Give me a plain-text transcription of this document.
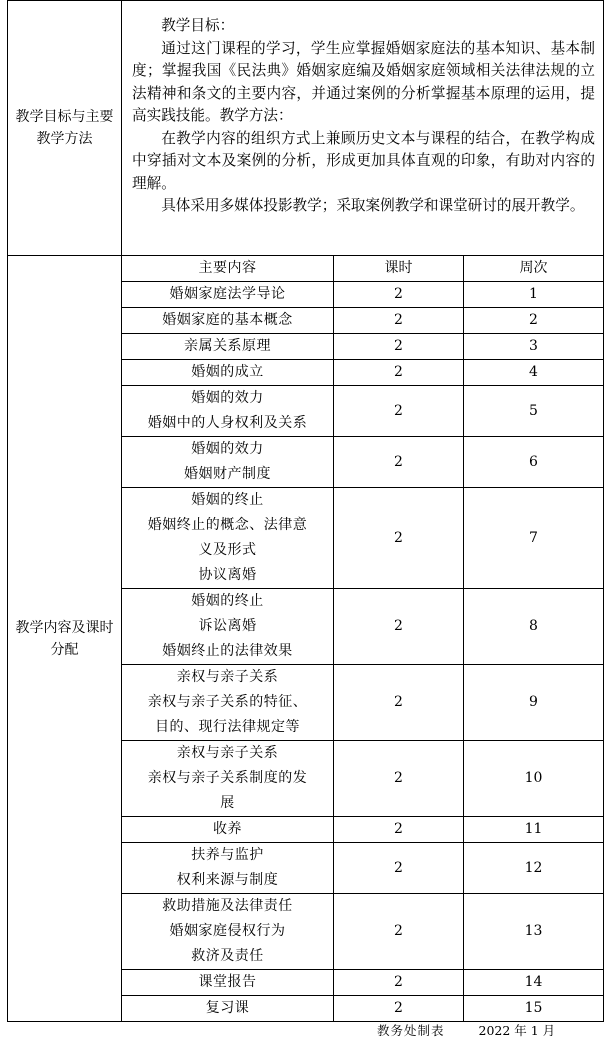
教学目标与主要教学方法	

教学目标：

通过这门课程的学习，学生应掌握婚姻家庭法的基本知识、基本制度；掌握我国《民法典》婚姻家庭编及婚姻家庭领域相关法律法规的立法精神和条文的主要内容，并通过案例的分析掌握基本原理的运用，提高实践技能。教学方法：

在教学内容的组织方式上兼顾历史文本与课程的结合，在教学构成中穿插对文本及案例的分析，形成更加具体直观的印象，有助对内容的理解。

具体采用多媒体投影教学；采取案例教学和课堂研讨的展开教学。

教学内容及课时分配	
主要内容	课时	周次

婚姻家庭法学导论	2	1

婚姻家庭的基本概念	2	2

亲属关系原理	2	3

婚姻的成立	2	4

婚姻的效力
婚姻中的人身权利及关系
	2	5

婚姻的效力
婚姻财产制度
	2	6

婚姻的终止
婚姻终止的概念、法律意
义及形式
协议离婚
	2	7

婚姻的终止
诉讼离婚
婚姻终止的法律效果
	2	8

亲权与亲子关系
亲权与亲子关系的特征、
目的、现行法律规定等
	2	9

亲权与亲子关系
亲权与亲子关系制度的发
展
	2	10

收养	2	11

扶养与监护
权利来源与制度
	2	12

救助措施及法律责任
婚姻家庭侵权行为
救济及责任
	2	13

课堂报告	2	14

复习课	2	15
教务处制表	2022 年 1 月
